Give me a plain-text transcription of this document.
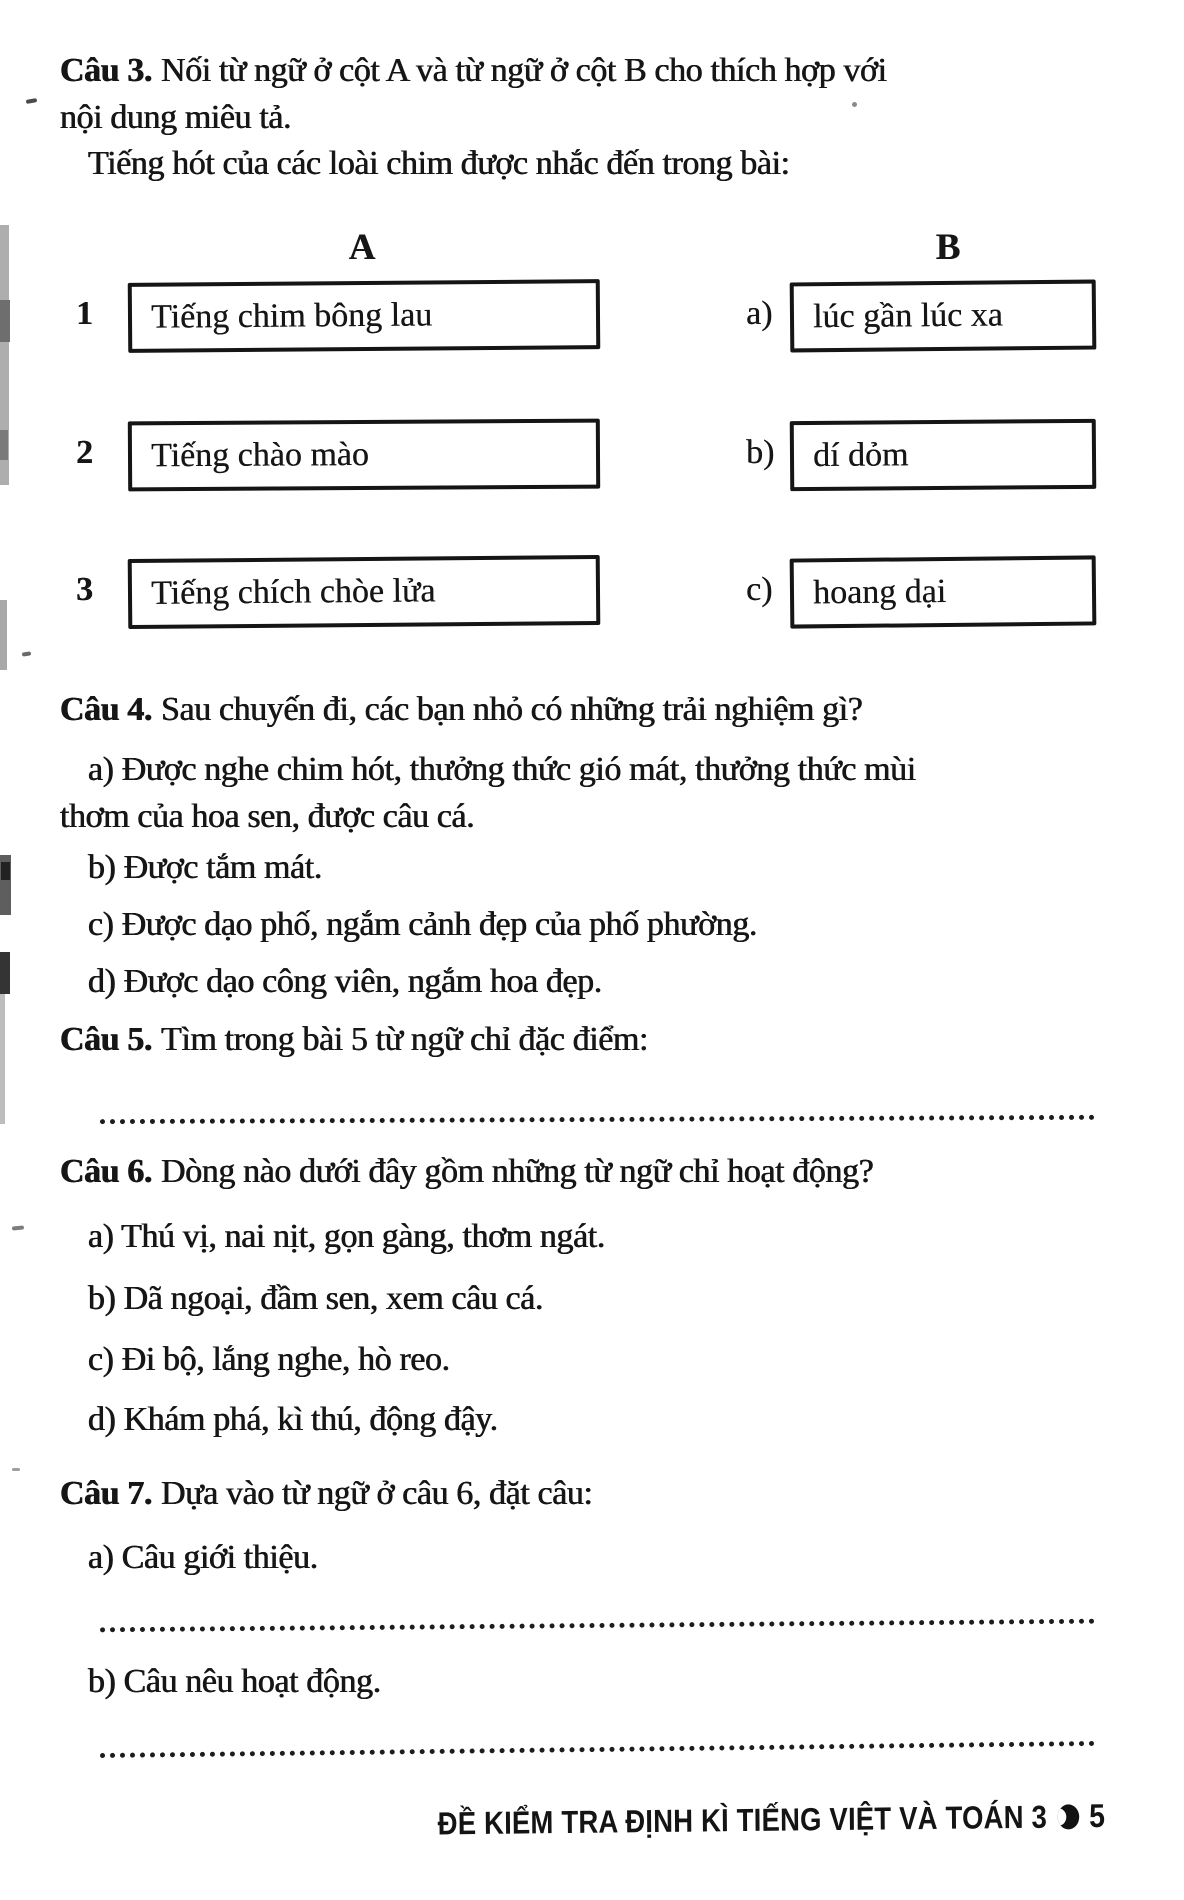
Câu 3. Nối từ ngữ ở cột A và từ ngữ ở cột B cho thích hợp với
nội dung miêu tả.
Tiếng hót của các loài chim được nhắc đến trong bài:
A	B
1	Tiếng chim bông lau	a)	lúc gần lúc xa
2	Tiếng chào mào	b)	dí dỏm
3	Tiếng chích chòe lửa	c)	hoang dại
Câu 4. Sau chuyến đi, các bạn nhỏ có những trải nghiệm gì?
a) Được nghe chim hót, thưởng thức gió mát, thưởng thức mùi
thơm của hoa sen, được câu cá.
b) Được tắm mát.
c) Được dạo phố, ngắm cảnh đẹp của phố phường.
d) Được dạo công viên, ngắm hoa đẹp.
Câu 5. Tìm trong bài 5 từ ngữ chỉ đặc điểm:
Câu 6. Dòng nào dưới đây gồm những từ ngữ chỉ hoạt động?
a) Thú vị, nai nịt, gọn gàng, thơm ngát.
b) Dã ngoại, đầm sen, xem câu cá.
c) Đi bộ, lắng nghe, hò reo.
d) Khám phá, kì thú, động đậy.
Câu 7. Dựa vào từ ngữ ở câu 6, đặt câu:
a) Câu giới thiệu.
b) Câu nêu hoạt động.
ĐỀ KIỂM TRA ĐỊNH KÌ TIẾNG VIỆT VÀ TOÁN 3 5
